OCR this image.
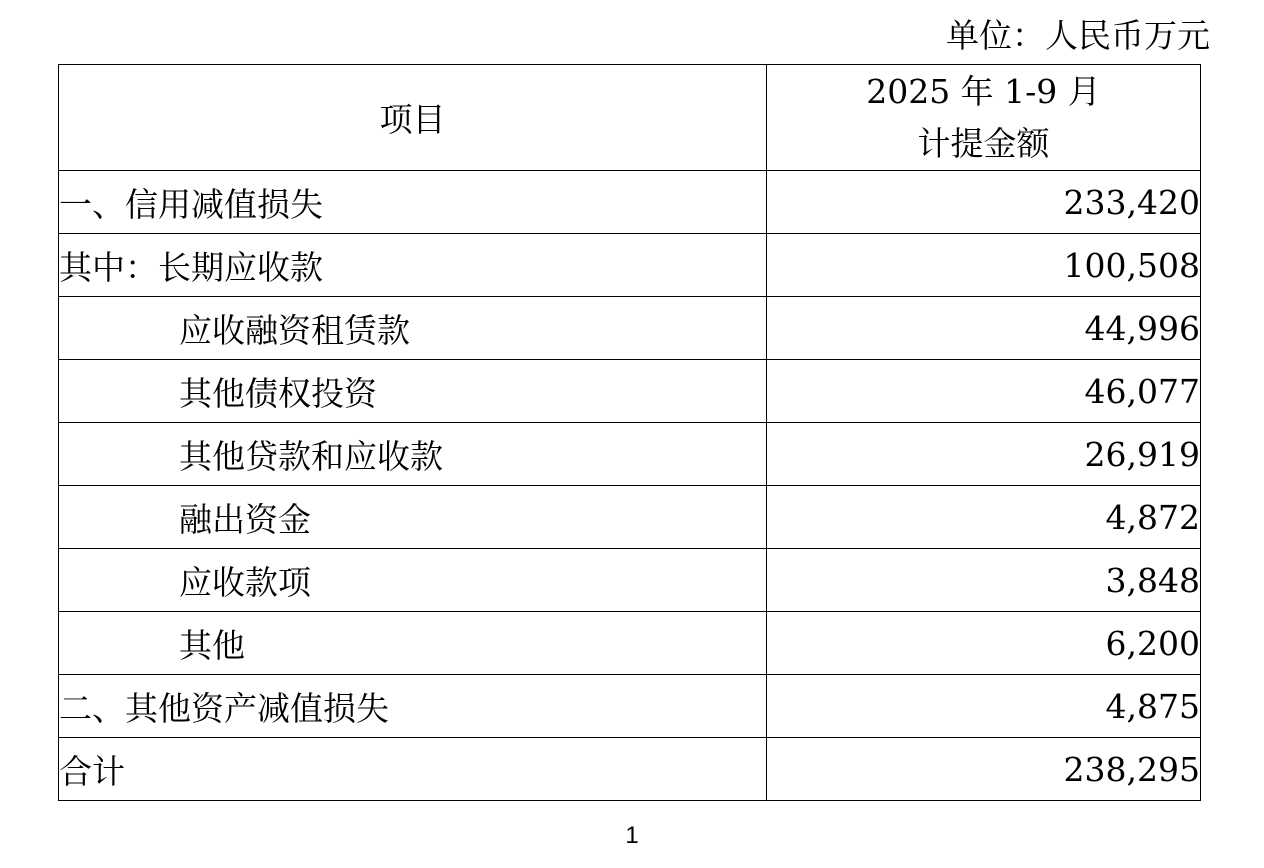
单位：人民币万元
项目	2025 年 1-9 月
计提金额

一、信用减值损失	233,420
其中：长期应收款	100,508
应收融资租赁款	44,996
其他债权投资	46,077
其他贷款和应收款	26,919
融出资金	4,872
应收款项	3,848
其他	6,200
二、其他资产减值损失	4,875
合计	238,295
1
